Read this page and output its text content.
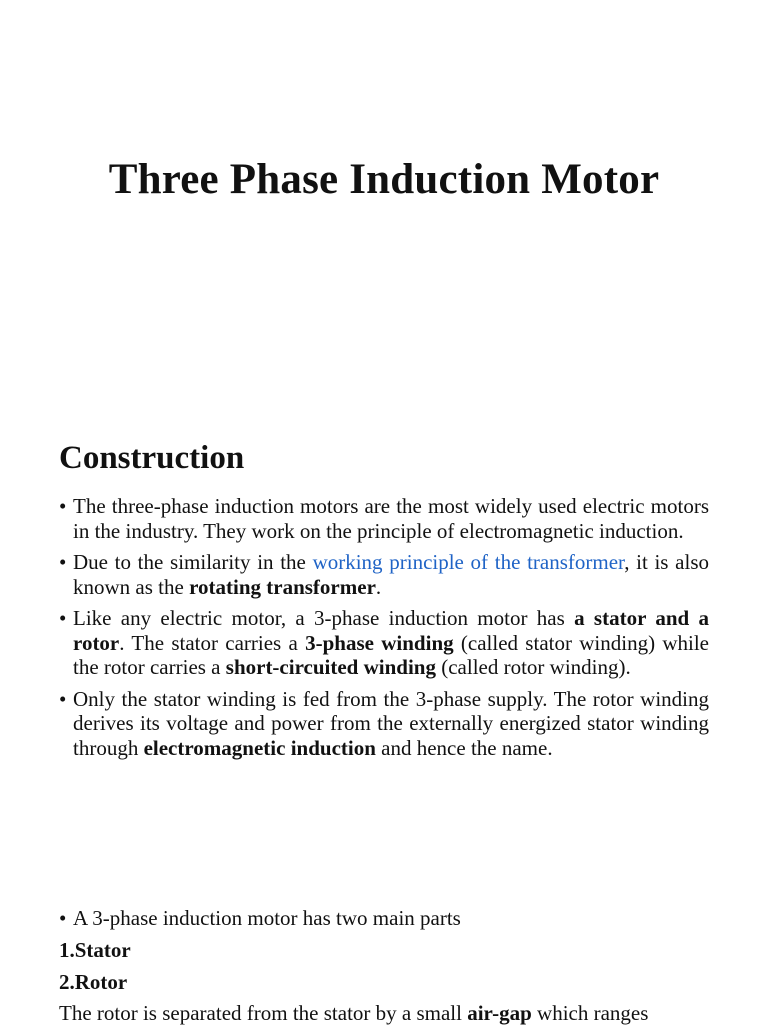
Three Phase Induction Motor
Construction
• The three-phase induction motors are the most widely used electric motors in the industry. They work on the principle of electromagnetic induction.
• Due to the similarity in the working principle of the transformer, it is also known as the rotating transformer.
• Like any electric motor, a 3-phase induction motor has a stator and a rotor. The stator carries a 3-phase winding (called stator winding) while the rotor carries a short-circuited winding (called rotor winding).
• Only the stator winding is fed from the 3-phase supply. The rotor winding derives its voltage and power from the externally energized stator winding through electromagnetic induction and hence the name.
• A 3-phase induction motor has two main parts
1.Stator
2.Rotor
The rotor is separated from the stator by a small air-gap which ranges
